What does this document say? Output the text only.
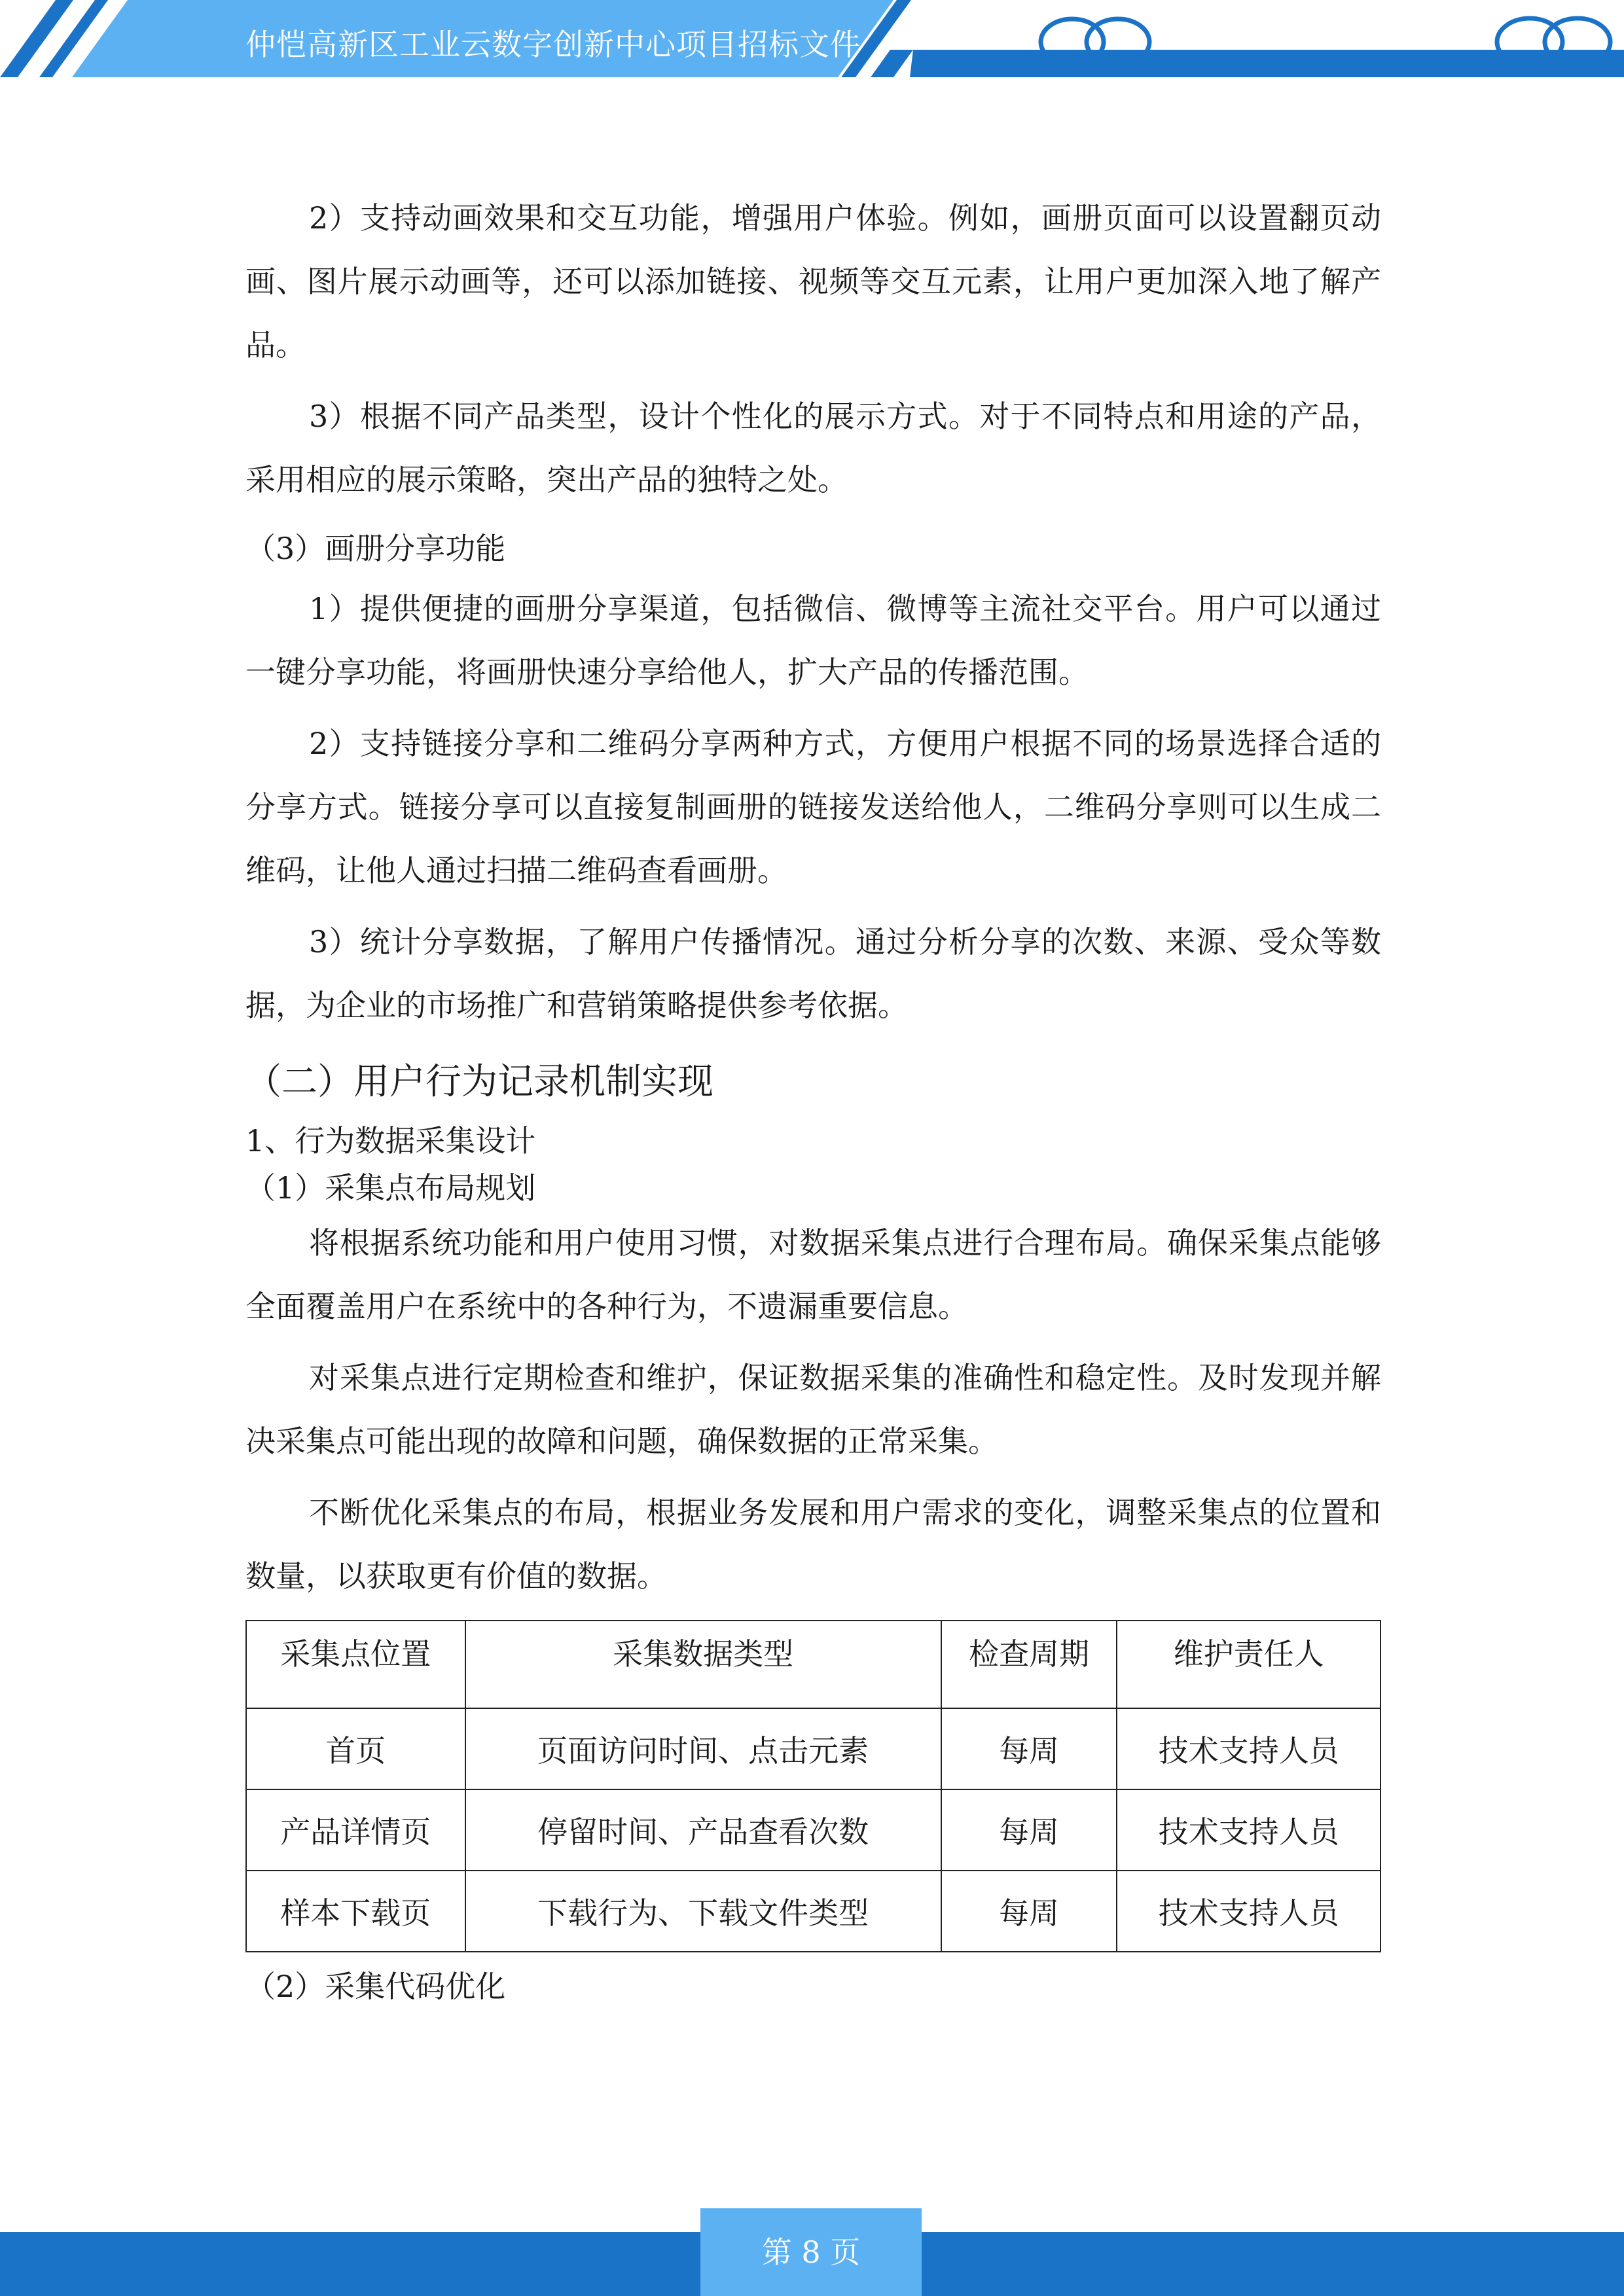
仲恺高新区工业云数字创新中心项目招标文件

2）支持动画效果和交互功能，增强用户体验。例如，画册页面可以设置翻页动画、图片展示动画等，还可以添加链接、视频等交互元素，让用户更加深入地了解产品。

3）根据不同产品类型，设计个性化的展示方式。对于不同特点和用途的产品，采用相应的展示策略，突出产品的独特之处。

（3）画册分享功能

1）提供便捷的画册分享渠道，包括微信、微博等主流社交平台。用户可以通过一键分享功能，将画册快速分享给他人，扩大产品的传播范围。

2）支持链接分享和二维码分享两种方式，方便用户根据不同的场景选择合适的分享方式。链接分享可以直接复制画册的链接发送给他人，二维码分享则可以生成二维码，让他人通过扫描二维码查看画册。

3）统计分享数据，了解用户传播情况。通过分析分享的次数、来源、受众等数据，为企业的市场推广和营销策略提供参考依据。

（二）用户行为记录机制实现
1、行为数据采集设计
（1）采集点布局规划

将根据系统功能和用户使用习惯，对数据采集点进行合理布局。确保采集点能够全面覆盖用户在系统中的各种行为，不遗漏重要信息。

对采集点进行定期检查和维护，保证数据采集的准确性和稳定性。及时发现并解决采集点可能出现的故障和问题，确保数据的正常采集。

不断优化采集点的布局，根据业务发展和用户需求的变化，调整采集点的位置和数量，以获取更有价值的数据。

采集点位置	采集数据类型	检查周期	维护责任人
首页	页面访问时间、点击元素	每周	技术支持人员
产品详情页	停留时间、产品查看次数	每周	技术支持人员
样本下载页	下载行为、下载文件类型	每周	技术支持人员
（2）采集代码优化
第 8 页
